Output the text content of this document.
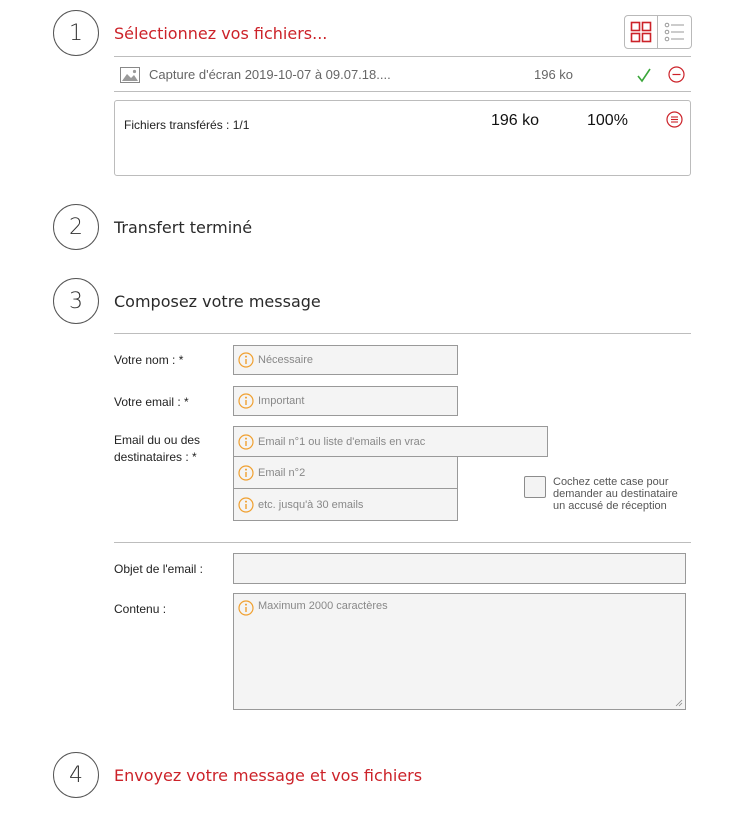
1 Sélectionnez vos fichiers...
Capture d'écran 2019-10-07 à 09.07.18....	196 ko
Fichiers transférés : 1/1	196 ko	100%
2 Transfert terminé
3 Composez votre message
Votre nom : *	Nécessaire
Votre email : *	Important
Email du ou des
destinataires : *
Email n°1 ou liste d'emails en vrac
Email n°2
etc. jusqu'à 30 emails
Cochez cette case pour
demander au destinataire
un accusé de réception
Objet de l'email :
Contenu :	Maximum 2000 caractères
4 Envoyez votre message et vos fichiers
